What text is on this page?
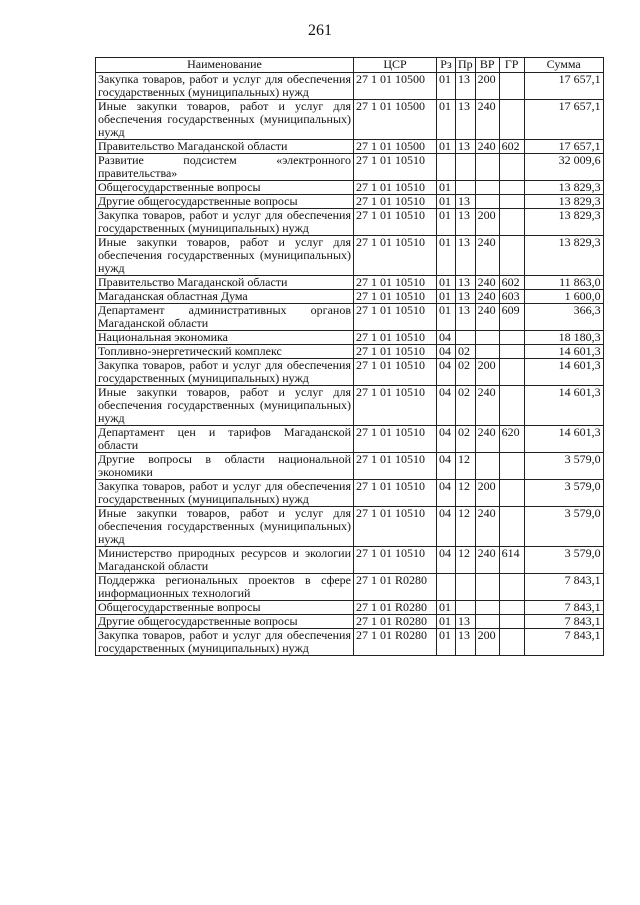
261
Наименование	ЦСР	Рз	Пр	ВР	ГР	Сумма
Закупка товаров, работ и услуг для обеспечения государственных (муниципальных) нужд	27 1 01 10500	01	13	200		17 657,1
Иные закупки товаров, работ и услуг для обеспечения государственных (муниципальных) нужд	27 1 01 10500	01	13	240		17 657,1
Правительство Магаданской области	27 1 01 10500	01	13	240	602	17 657,1
Развитие подсистем «электронного правительства»	27 1 01 10510					32 009,6
Общегосударственные вопросы	27 1 01 10510	01				13 829,3
Другие общегосударственные вопросы	27 1 01 10510	01	13			13 829,3
Закупка товаров, работ и услуг для обеспечения государственных (муниципальных) нужд	27 1 01 10510	01	13	200		13 829,3
Иные закупки товаров, работ и услуг для обеспечения государственных (муниципальных) нужд	27 1 01 10510	01	13	240		13 829,3
Правительство Магаданской области	27 1 01 10510	01	13	240	602	11 863,0
Магаданская областная Дума	27 1 01 10510	01	13	240	603	1 600,0
Департамент административных органов Магаданской области	27 1 01 10510	01	13	240	609	366,3
Национальная экономика	27 1 01 10510	04				18 180,3
Топливно-энергетический комплекс	27 1 01 10510	04	02			14 601,3
Закупка товаров, работ и услуг для обеспечения государственных (муниципальных) нужд	27 1 01 10510	04	02	200		14 601,3
Иные закупки товаров, работ и услуг для обеспечения государственных (муниципальных) нужд	27 1 01 10510	04	02	240		14 601,3
Департамент цен и тарифов Магаданской области	27 1 01 10510	04	02	240	620	14 601,3
Другие вопросы в области национальной экономики	27 1 01 10510	04	12			3 579,0
Закупка товаров, работ и услуг для обеспечения государственных (муниципальных) нужд	27 1 01 10510	04	12	200		3 579,0
Иные закупки товаров, работ и услуг для обеспечения государственных (муниципальных) нужд	27 1 01 10510	04	12	240		3 579,0
Министерство природных ресурсов и экологии Магаданской области	27 1 01 10510	04	12	240	614	3 579,0
Поддержка региональных проектов в сфере информационных технологий	27 1 01 R0280					7 843,1
Общегосударственные вопросы	27 1 01 R0280	01				7 843,1
Другие общегосударственные вопросы	27 1 01 R0280	01	13			7 843,1
Закупка товаров, работ и услуг для обеспечения государственных (муниципальных) нужд	27 1 01 R0280	01	13	200		7 843,1
